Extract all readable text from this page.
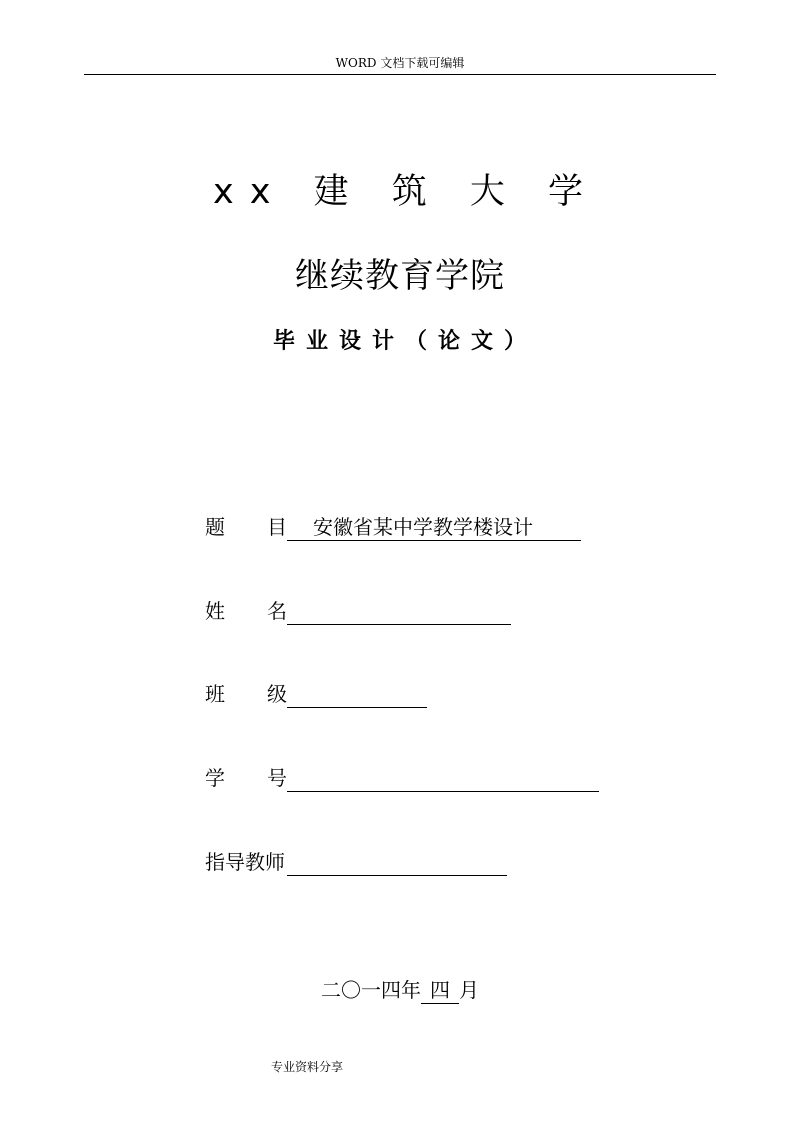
WORD 文档下载可编辑
xx 建 筑 大 学
继续教育学院
毕业设计（论文）
题 目 安徽省某中学教学楼设计
姓 名
班 级
学 号
指导教师
二〇一四年 四 月
专业资料分享
